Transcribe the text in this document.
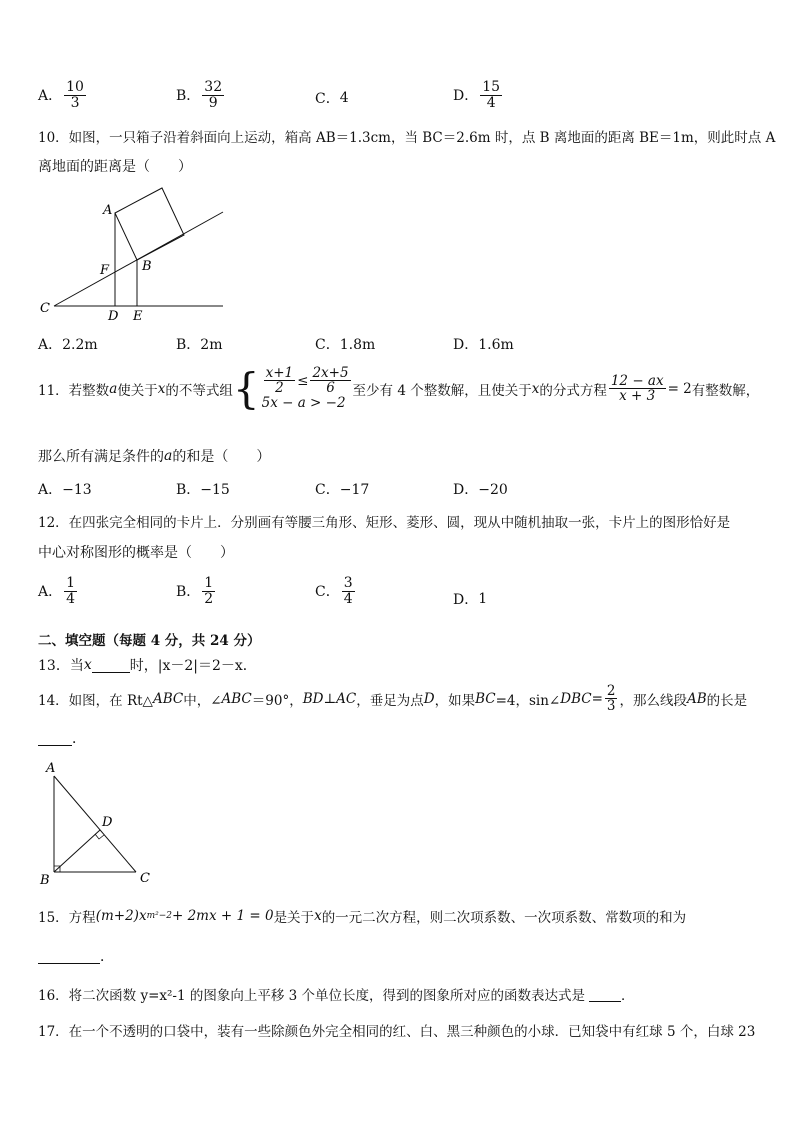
A． $\frac{10}{3}$	B． $\frac{32}{9}$	C． 4	D． $\frac{15}{4}$
10．如图，一只箱子沿着斜面向上运动，箱高 AB＝1.3cm，当 BC＝2.6m 时，点 B 离地面的距离 BE＝1m，则此时点 A
离地面的距离是（　　）
A
B
C
D E
F
A．2.2m	B．2m	C．1.8m	D．1.6m
11．若整数 a 使关于 x 的不等式组 { $\frac{x+1}{2} \le \frac{2x+5}{6}$
5x − a > −2
至少有 4 个整数解，且使关于 x 的分式方程 $\frac{12 - ax}{x + 3} = 2$ 有整数解，
那么所有满足条件的 a 的和是（　　）
A．−13	B．−15	C．−17	D．−20
12．在四张完全相同的卡片上．分别画有等腰三角形、矩形、菱形、圆，现从中随机抽取一张，卡片上的图形恰好是
中心对称图形的概率是（　　）
A． $\frac{1}{4}$	B． $\frac{1}{2}$	C． $\frac{3}{4}$	D． 1
二、填空题（每题 4 分，共 24 分）
13．当 x	时，|x－2|＝2－x．
14．如图，在 Rt△ ABC 中，∠ ABC ＝90°， BD ⊥ AC ，垂足为点 D ，如果 BC =4，sin∠ DBC = $\frac{2}{3}$ ，那么线段 AB 的长是
．
A
B	C
D
15．方程 (m+2) x m²−2 + 2mx + 1 = 0 是关于 x 的一元二次方程，则二次项系数、一次项系数、常数项的和为
．
16．将二次函数 y=x²-1 的图象向上平移 3 个单位长度，得到的图象所对应的函数表达式是	．
17．在一个不透明的口袋中，装有一些除颜色外完全相同的红、白、黑三种颜色的小球．已知袋中有红球 5 个，白球 23
